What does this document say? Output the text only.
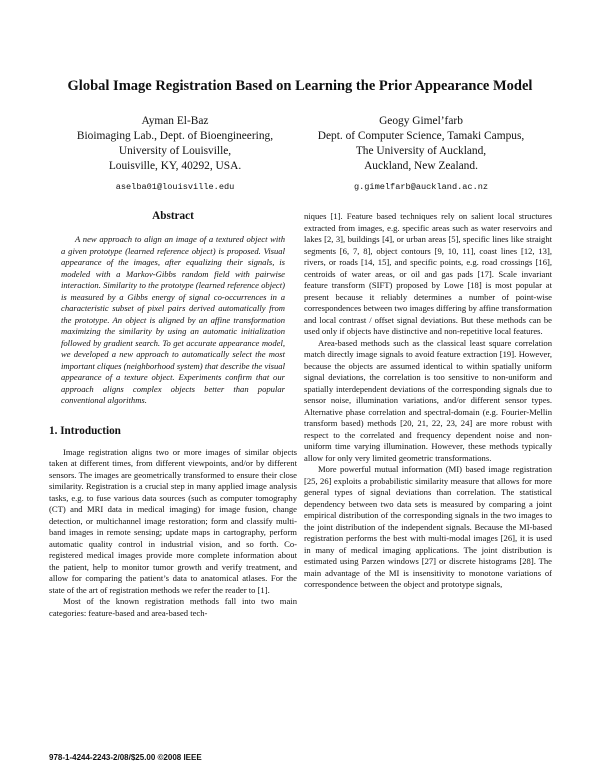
Global Image Registration Based on Learning the Prior Appearance Model
Ayman El-Baz
Bioimaging Lab., Dept. of Bioengineering,
University of Louisville,
Louisville, KY, 40292, USA.
aselba01@louisville.edu
Geogy Gimel’farb
Dept. of Computer Science, Tamaki Campus,
The University of Auckland,
Auckland, New Zealand.
g.gimelfarb@auckland.ac.nz
Abstract

A new approach to align an image of a textured object with a given prototype (learned reference object) is proposed. Visual appearance of the images, after equalizing their signals, is modeled with a Markov-Gibbs random field with pairwise interaction. Similarity to the prototype (learned reference object) is measured by a Gibbs energy of signal co-occurrences in a characteristic subset of pixel pairs derived automatically from the prototype. An object is aligned by an affine transformation maximizing the similarity by using an automatic initialization followed by gradient search. To get accurate appearance model, we developed a new approach to automatically select the most important cliques (neighborhood system) that describe the visual appearance of a texture object. Experiments confirm that our approach aligns complex objects better than popular conventional algorithms.

1. Introduction

Image registration aligns two or more images of similar objects taken at different times, from different viewpoints, and/or by different sensors. The images are geometrically transformed to ensure their close similarity. Registration is a crucial step in many applied image analysis tasks, e.g. to fuse various data sources (such as computer tomography (CT) and MRI data in medical imaging) for image fusion, change detection, or multichannel image restoration; form and classify multi-band images in remote sensing; update maps in cartography, perform automatic quality control in industrial vision, and so forth. Co-registered medical images provide more complete information about the patient, help to monitor tumor growth and verify treatment, and allow for comparing the patient’s data to anatomical atlases. For the state of the art of registration methods we refer the reader to [1].

Most of the known registration methods fall into two main categories: feature-based and area-based tech-

niques [1]. Feature based techniques rely on salient local structures extracted from images, e.g. specific areas such as water reservoirs and lakes [2, 3], buildings [4], or urban areas [5], specific lines like straight segments [6, 7, 8], object contours [9, 10, 11], coast lines [12, 13], rivers, or roads [14, 15], and specific points, e.g. road crossings [16], centroids of water areas, or oil and gas pads [17]. Scale invariant feature transform (SIFT) proposed by Lowe [18] is most popular at present because it reliably determines a number of point-wise correspondences between two images differing by affine transformation and local contrast / offset signal deviations. But these methods can be used only if objects have distinctive and non-repetitive local features.

Area-based methods such as the classical least square correlation match directly image signals to avoid feature extraction [19]. However, because the objects are assumed identical to within spatially uniform signal deviations, the correlation is too sensitive to non-uniform and spatially interdependent deviations of the corresponding signals due to sensor noise, illumination variations, and/or different sensor types. Alternative phase correlation and spectral-domain (e.g. Fourier-Mellin transform based) methods [20, 21, 22, 23, 24] are more robust with respect to the correlated and frequency dependent noise and non-uniform time varying illumination. However, these methods typically allow for only very limited geometric transformations.

More powerful mutual information (MI) based image registration [25, 26] exploits a probabilistic similarity measure that allows for more general types of signal deviations than correlation. The statistical dependency between two data sets is measured by comparing a joint empirical distribution of the corresponding signals in the two images to the joint distribution of the independent signals. Because the MI-based registration performs the best with multi-modal images [26], it is used in many of medical imaging applications. The joint distribution is estimated using Parzen windows [27] or discrete histograms [28]. The main advantage of the MI is insensitivity to monotone variations of correspondence between the object and prototype signals,

978-1-4244-2243-2/08/$25.00 ©2008 IEEE
